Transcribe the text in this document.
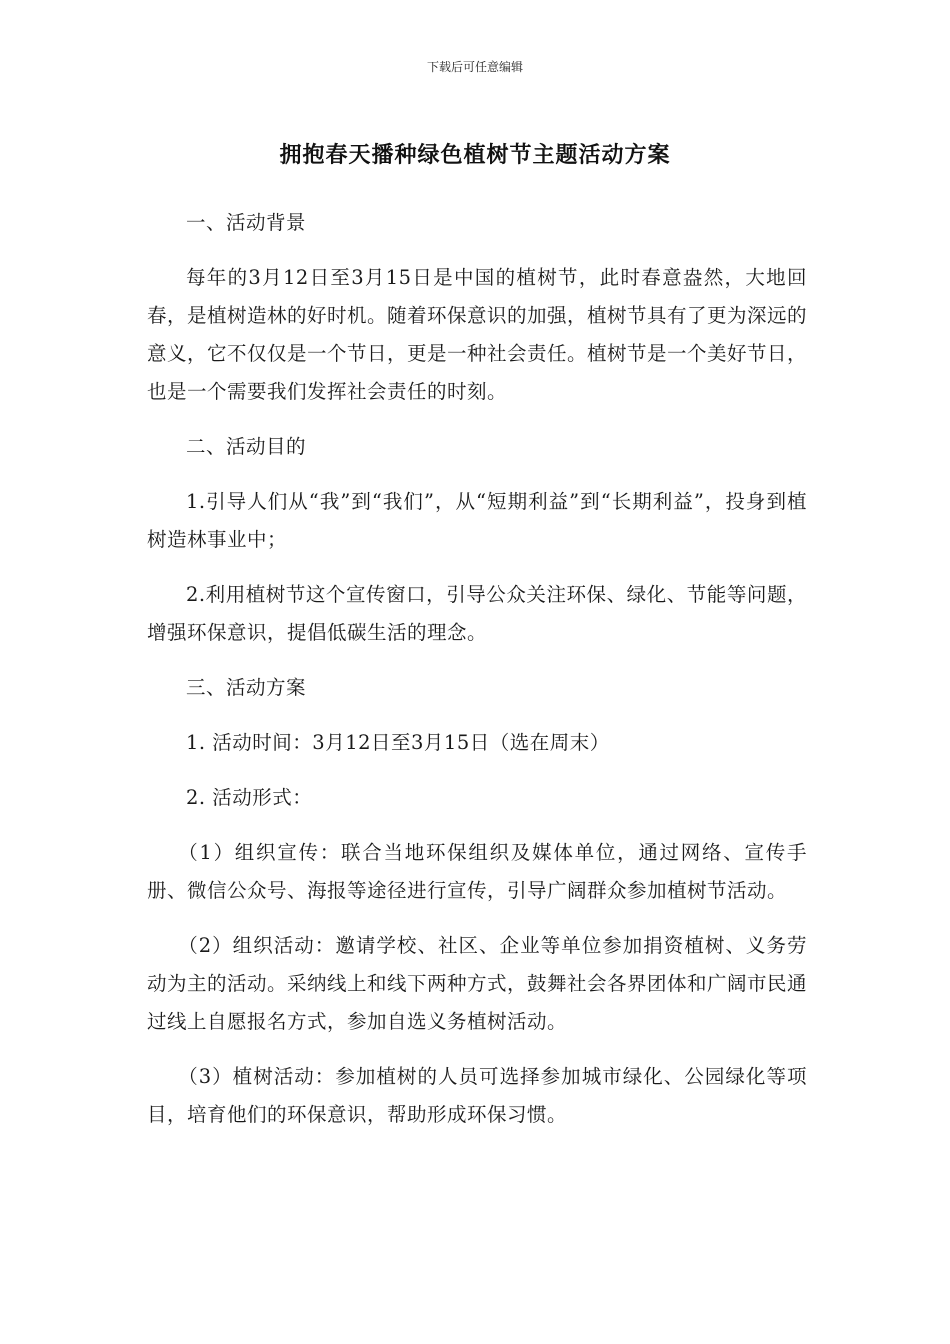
下载后可任意编辑
拥抱春天播种绿色植树节主题活动方案

一、活动背景

每年的3月12日至3月15日是中国的植树节，此时春意盎然，大地回春，是植树造林的好时机。随着环保意识的加强，植树节具有了更为深远的意义，它不仅仅是一个节日，更是一种社会责任。植树节是一个美好节日，也是一个需要我们发挥社会责任的时刻。

二、活动目的

1.引导人们从“我”到“我们”，从“短期利益”到“长期利益”，投身到植树造林事业中；

2.利用植树节这个宣传窗口，引导公众关注环保、绿化、节能等问题，增强环保意识，提倡低碳生活的理念。

三、活动方案

1. 活动时间：3月12日至3月15日（选在周末）

2. 活动形式：

（1）组织宣传：联合当地环保组织及媒体单位，通过网络、宣传手册、微信公众号、海报等途径进行宣传，引导广阔群众参加植树节活动。

（2）组织活动：邀请学校、社区、企业等单位参加捐资植树、义务劳动为主的活动。采纳线上和线下两种方式，鼓舞社会各界团体和广阔市民通过线上自愿报名方式，参加自选义务植树活动。

（3）植树活动：参加植树的人员可选择参加城市绿化、公园绿化等项目，培育他们的环保意识，帮助形成环保习惯。
